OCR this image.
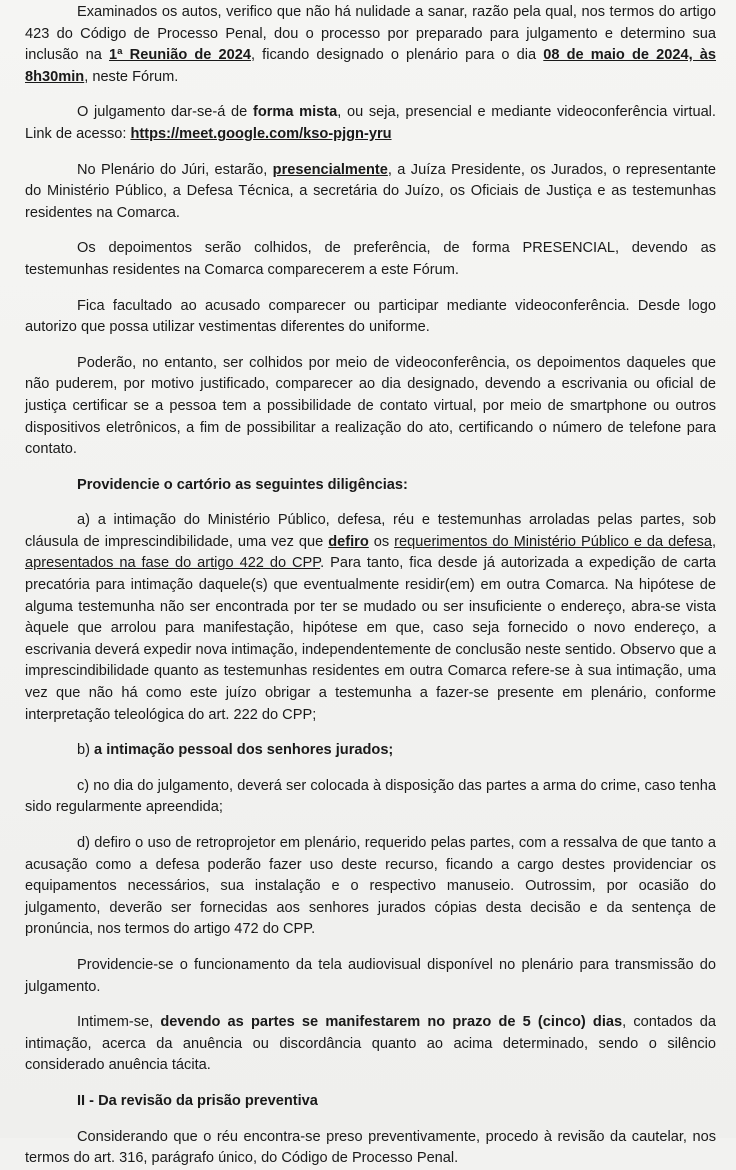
Examinados os autos, verifico que não há nulidade a sanar, razão pela qual, nos termos do artigo 423 do Código de Processo Penal, dou o processo por preparado para julgamento e determino sua inclusão na 1ª Reunião de 2024, ficando designado o plenário para o dia 08 de maio de 2024, às 8h30min, neste Fórum.

O julgamento dar-se-á de forma mista, ou seja, presencial e mediante videoconferência virtual. Link de acesso: https://meet.google.com/kso-pjgn-yru

No Plenário do Júri, estarão, presencialmente, a Juíza Presidente, os Jurados, o representante do Ministério Público, a Defesa Técnica, a secretária do Juízo, os Oficiais de Justiça e as testemunhas residentes na Comarca.

Os depoimentos serão colhidos, de preferência, de forma PRESENCIAL, devendo as testemunhas residentes na Comarca comparecerem a este Fórum.

Fica facultado ao acusado comparecer ou participar mediante videoconferência. Desde logo autorizo que possa utilizar vestimentas diferentes do uniforme.

Poderão, no entanto, ser colhidos por meio de videoconferência, os depoimentos daqueles que não puderem, por motivo justificado, comparecer ao dia designado, devendo a escrivania ou oficial de justiça certificar se a pessoa tem a possibilidade de contato virtual, por meio de smartphone ou outros dispositivos eletrônicos, a fim de possibilitar a realização do ato, certificando o número de telefone para contato.

Providencie o cartório as seguintes diligências:

a) a intimação do Ministério Público, defesa, réu e testemunhas arroladas pelas partes, sob cláusula de imprescindibilidade, uma vez que defiro os requerimentos do Ministério Público e da defesa, apresentados na fase do artigo 422 do CPP. Para tanto, fica desde já autorizada a expedição de carta precatória para intimação daquele(s) que eventualmente residir(em) em outra Comarca. Na hipótese de alguma testemunha não ser encontrada por ter se mudado ou ser insuficiente o endereço, abra-se vista àquele que arrolou para manifestação, hipótese em que, caso seja fornecido o novo endereço, a escrivania deverá expedir nova intimação, independentemente de conclusão neste sentido. Observo que a imprescindibilidade quanto as testemunhas residentes em outra Comarca refere-se à sua intimação, uma vez que não há como este juízo obrigar a testemunha a fazer-se presente em plenário, conforme interpretação teleológica do art. 222 do CPP;

b) a intimação pessoal dos senhores jurados;

c) no dia do julgamento, deverá ser colocada à disposição das partes a arma do crime, caso tenha sido regularmente apreendida;

d) defiro o uso de retroprojetor em plenário, requerido pelas partes, com a ressalva de que tanto a acusação como a defesa poderão fazer uso deste recurso, ficando a cargo destes providenciar os equipamentos necessários, sua instalação e o respectivo manuseio. Outrossim, por ocasião do julgamento, deverão ser fornecidas aos senhores jurados cópias desta decisão e da sentença de pronúncia, nos termos do artigo 472 do CPP.

Providencie-se o funcionamento da tela audiovisual disponível no plenário para transmissão do julgamento.

Intimem-se, devendo as partes se manifestarem no prazo de 5 (cinco) dias, contados da intimação, acerca da anuência ou discordância quanto ao acima determinado, sendo o silêncio considerado anuência tácita.

II - Da revisão da prisão preventiva

Considerando que o réu encontra-se preso preventivamente, procedo à revisão da cautelar, nos termos do art. 316, parágrafo único, do Código de Processo Penal.
